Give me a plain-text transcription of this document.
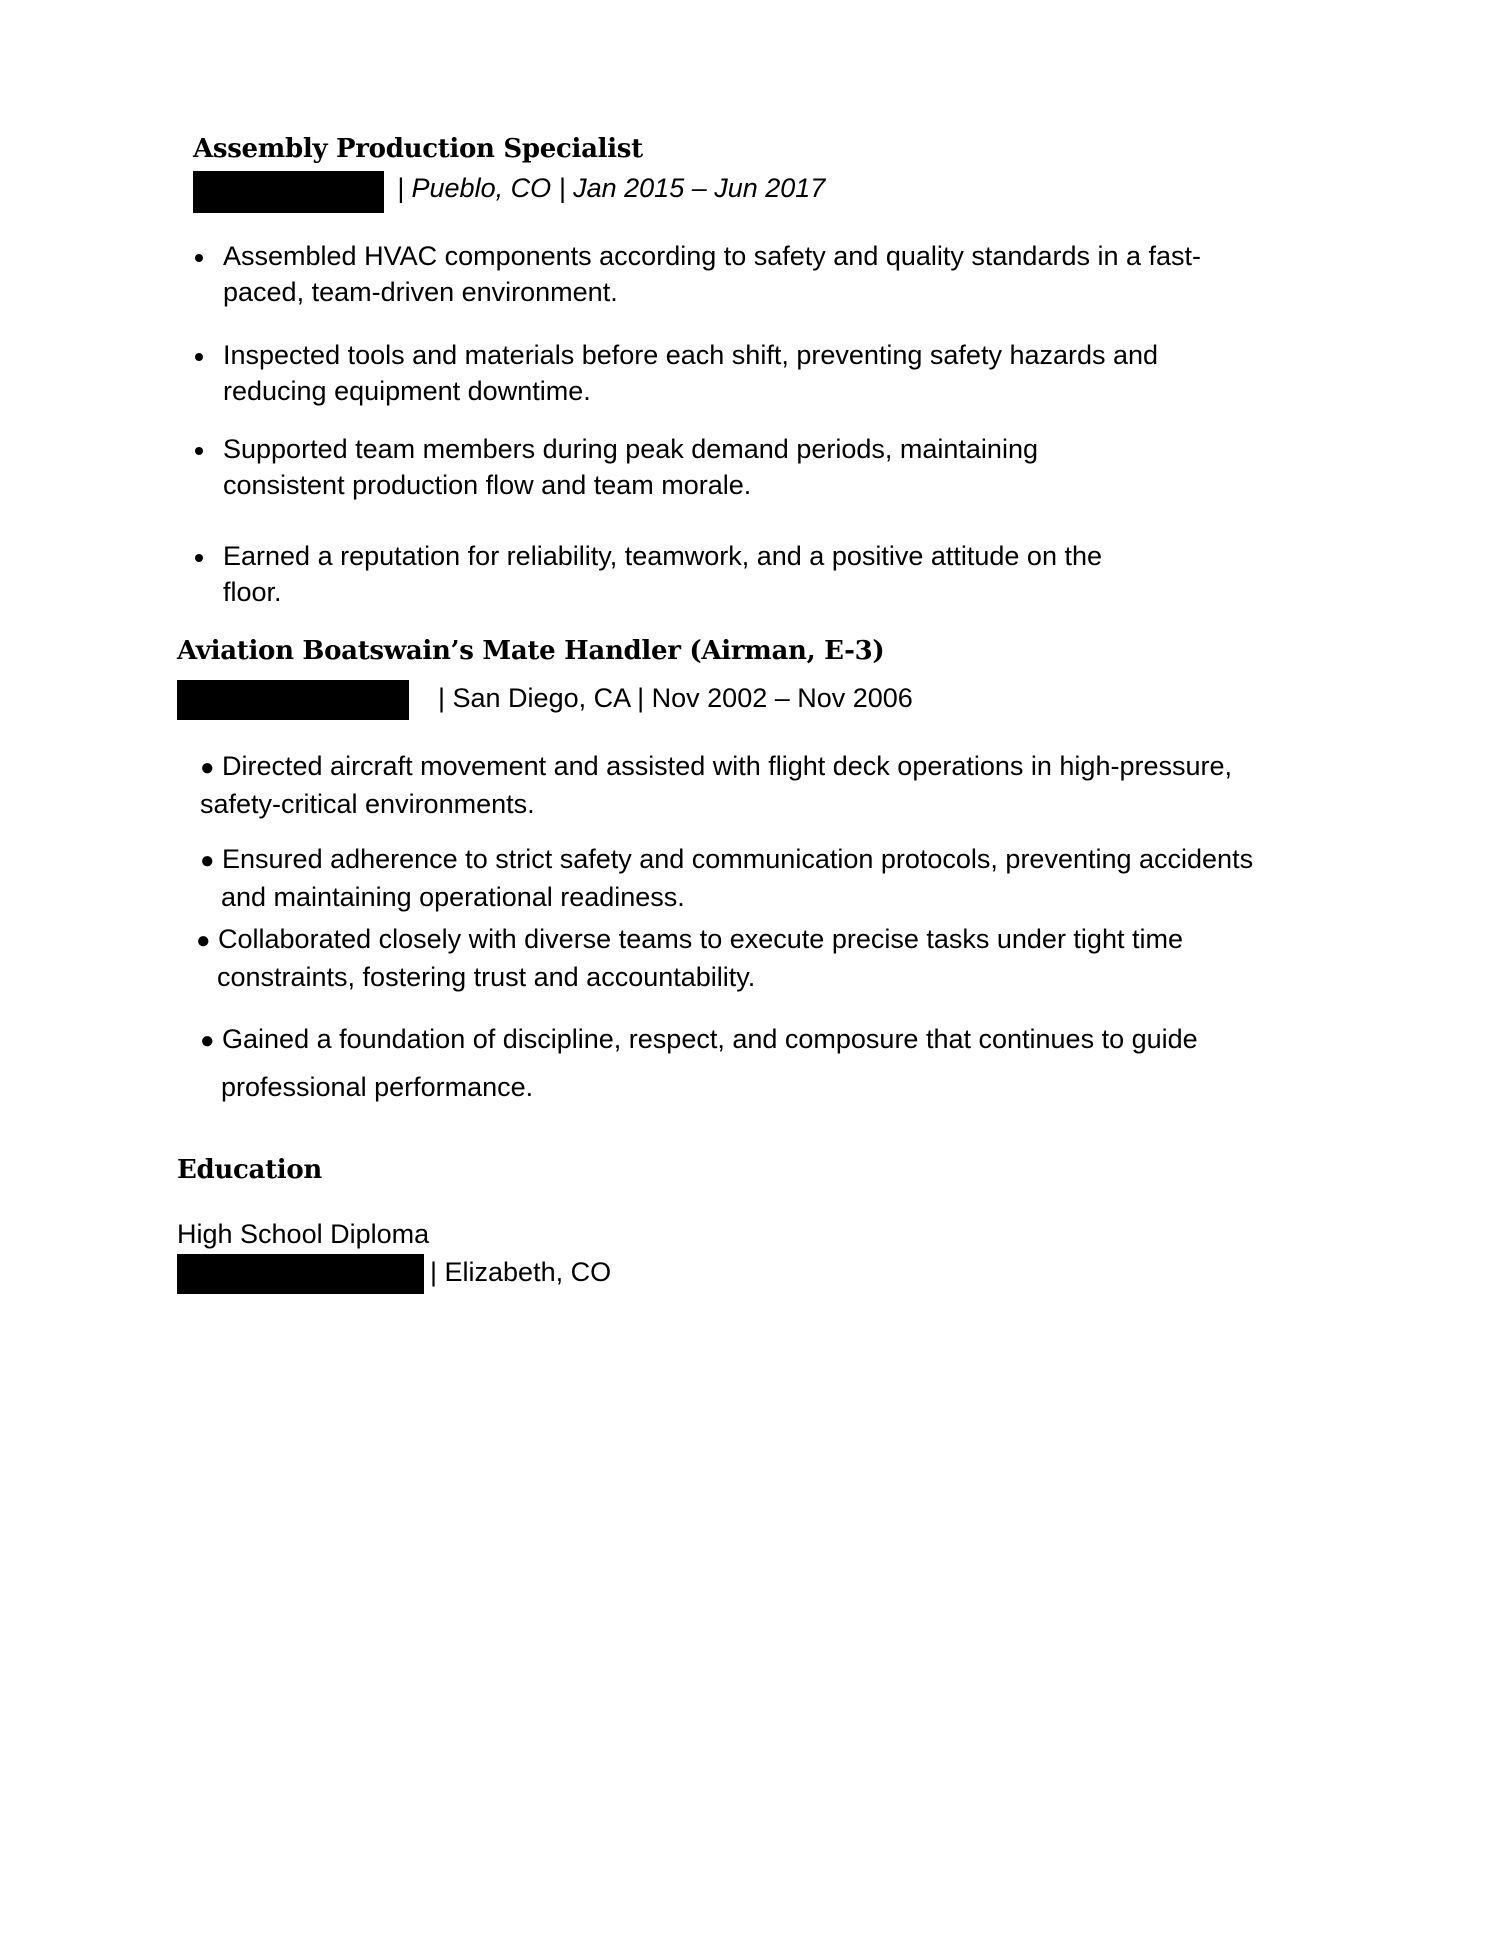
Assembly Production Specialist
| Pueblo, CO | Jan 2015 – Jun 2017
Assembled HVAC components according to safety and quality standards in a fast-
paced, team-driven environment.
Inspected tools and materials before each shift, preventing safety hazards and
reducing equipment downtime.
Supported team members during peak demand periods, maintaining
consistent production flow and team morale.
Earned a reputation for reliability, teamwork, and a positive attitude on the
floor.
Aviation Boatswain’s Mate Handler (Airman, E-3)
| San Diego, CA | Nov 2002 – Nov 2006
● Directed aircraft movement and assisted with flight deck operations in high-pressure,
safety-critical environments.
● Ensured adherence to strict safety and communication protocols, preventing accidents
and maintaining operational readiness.
● Collaborated closely with diverse teams to execute precise tasks under tight time
constraints, fostering trust and accountability.
● Gained a foundation of discipline, respect, and composure that continues to guide
professional performance.
Education
High School Diploma
| Elizabeth, CO
